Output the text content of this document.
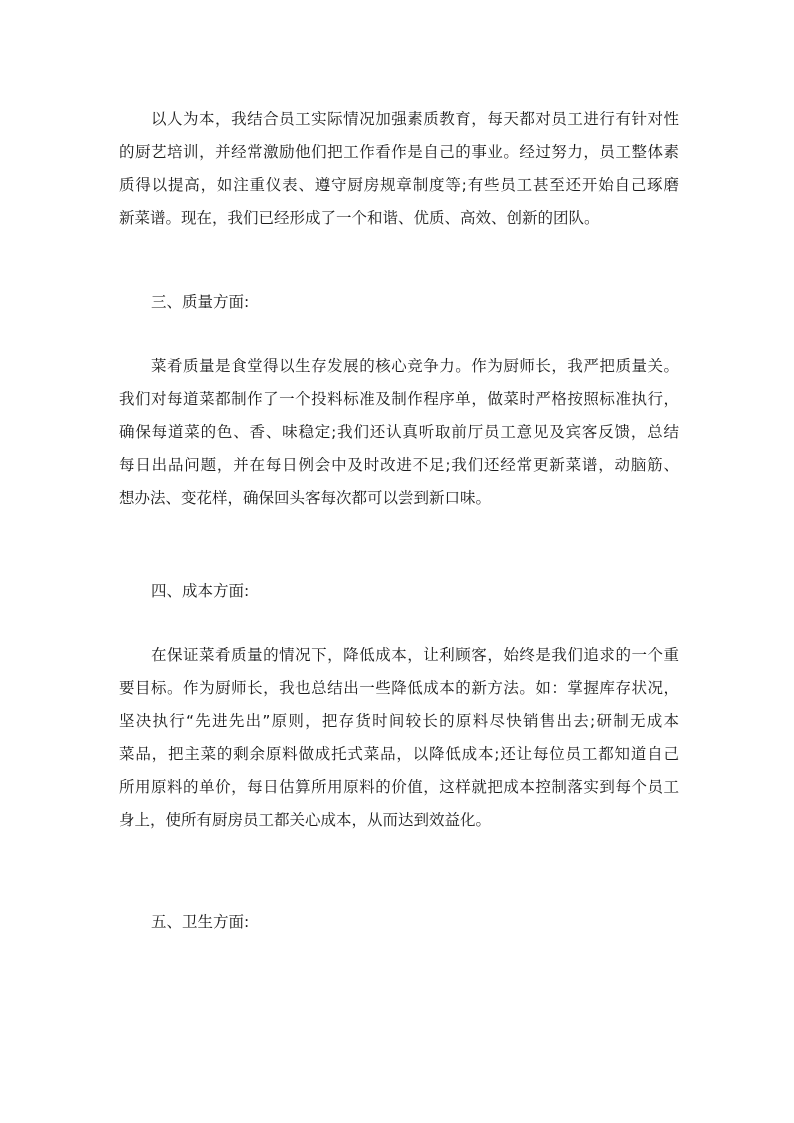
以人为本，我结合员工实际情况加强素质教育，每天都对员工进行有针对性
的厨艺培训，并经常激励他们把工作看作是自己的事业。经过努力，员工整体素
质得以提高，如注重仪表、遵守厨房规章制度等;有些员工甚至还开始自己琢磨
新菜谱。现在，我们已经形成了一个和谐、优质、高效、创新的团队。
三、质量方面:
菜肴质量是食堂得以生存发展的核心竞争力。作为厨师长，我严把质量关。
我们对每道菜都制作了一个投料标准及制作程序单，做菜时严格按照标准执行，
确保每道菜的色、香、味稳定;我们还认真听取前厅员工意见及宾客反馈，总结
每日出品问题，并在每日例会中及时改进不足;我们还经常更新菜谱，动脑筋、
想办法、变花样，确保回头客每次都可以尝到新口味。
四、成本方面:
在保证菜肴质量的情况下，降低成本，让利顾客，始终是我们追求的一个重
要目标。作为厨师长，我也总结出一些降低成本的新方法。如：掌握库存状况，
坚决执行“先进先出”原则，把存货时间较长的原料尽快销售出去;研制无成本
菜品，把主菜的剩余原料做成托式菜品，以降低成本;还让每位员工都知道自己
所用原料的单价，每日估算所用原料的价值，这样就把成本控制落实到每个员工
身上，使所有厨房员工都关心成本，从而达到效益化。
五、卫生方面:
